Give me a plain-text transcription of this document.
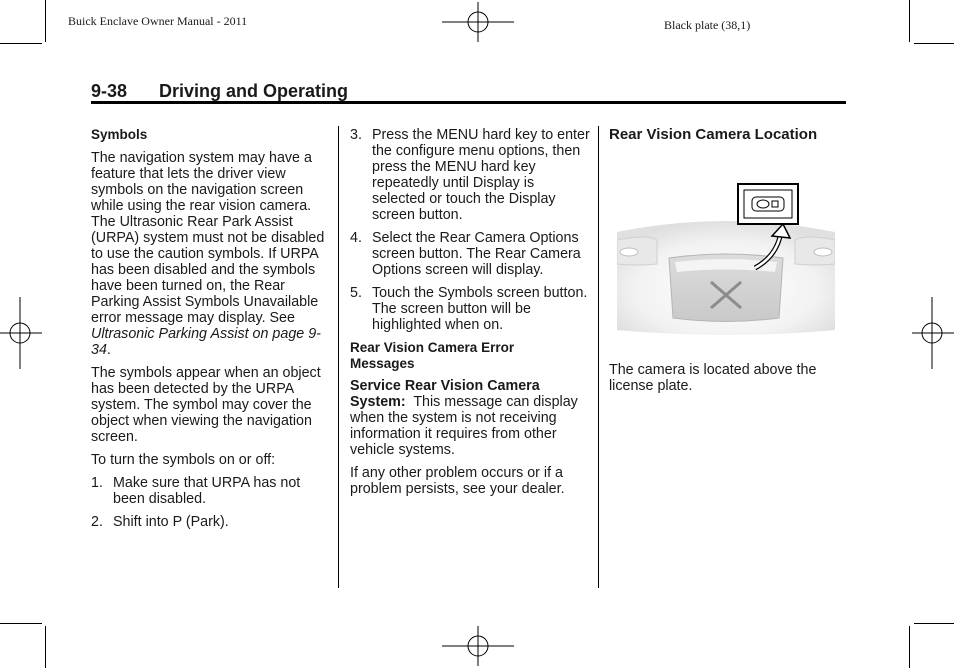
Buick Enclave Owner Manual - 2011	Black plate (38,1)
9-38 Driving and Operating
Symbols

The navigation system may have a feature that lets the driver view symbols on the navigation screen while using the rear vision camera. The Ultrasonic Rear Park Assist (URPA) system must not be disabled to use the caution symbols. If URPA has been disabled and the symbols have been turned on, the Rear Parking Assist Symbols Unavailable error message may display. See Ultrasonic Parking Assist on page 9-34.

The symbols appear when an object has been detected by the URPA system. The symbol may cover the object when viewing the navigation screen.

To turn the symbols on or off:

1. Make sure that URPA has not been disabled.
2. Shift into P (Park).
3. Press the MENU hard key to enter the configure menu options, then press the MENU hard key repeatedly until Display is selected or touch the Display screen button.
4. Select the Rear Camera Options screen button. The Rear Camera Options screen will display.
5. Touch the Symbols screen button. The screen button will be highlighted when on.
Rear Vision Camera Error Messages

Service Rear Vision Camera System: This message can display when the system is not receiving information it requires from other vehicle systems.

If any other problem occurs or if a problem persists, see your dealer.

Rear Vision Camera Location

The camera is located above the license plate.
